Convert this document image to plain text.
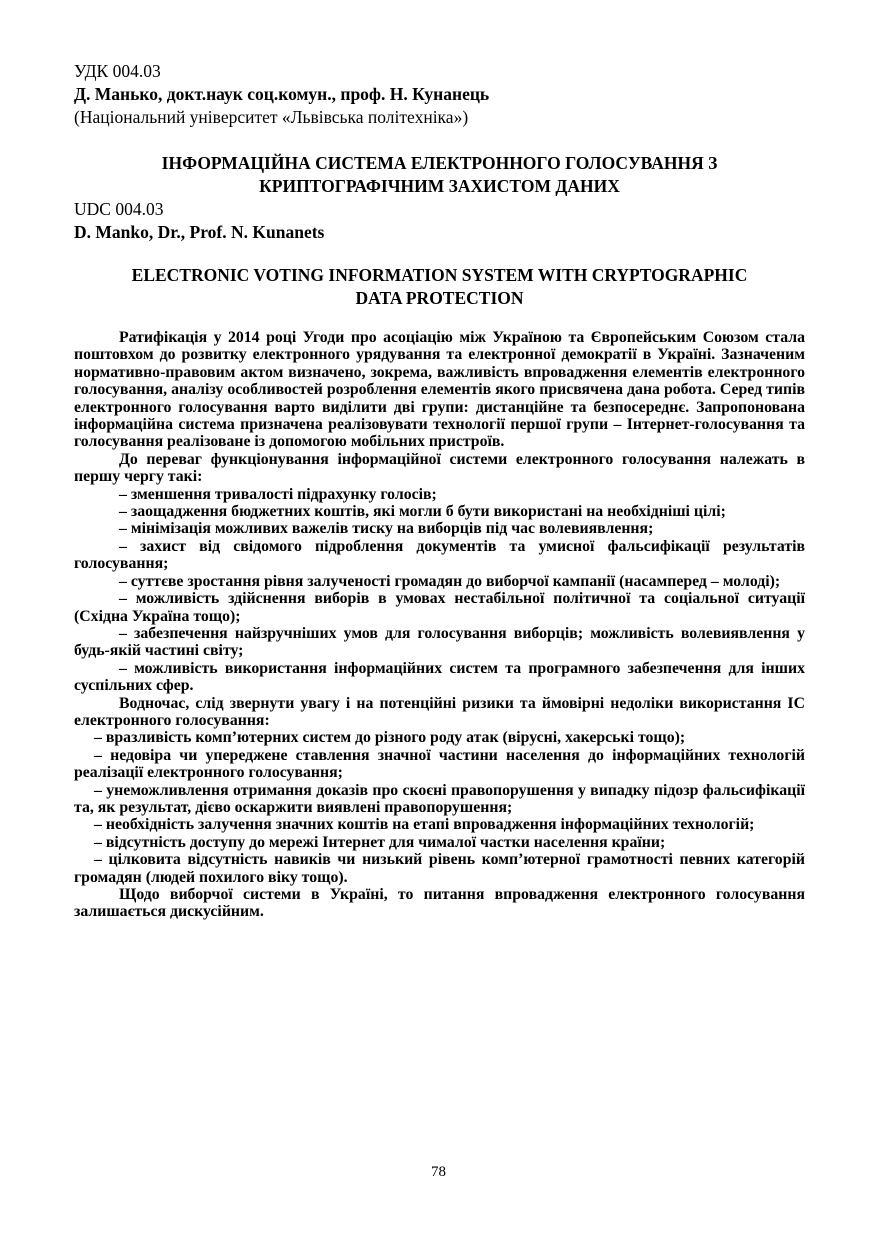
УДК 004.03

Д. Манько, докт.наук соц.комун., проф. Н. Кунанець

(Національний університет «Львівська політехніка»)

ІНФОРМАЦІЙНА СИСТЕМА ЕЛЕКТРОННОГО ГОЛОСУВАННЯ З
КРИПТОГРАФІЧНИМ ЗАХИСТОМ ДАНИХ

UDC 004.03

D. Manko, Dr., Prof. N. Kunanets

ELECTRONIC VOTING INFORMATION SYSTEM WITH CRYPTOGRAPHIC
DATA PROTECTION

Ратифікація у 2014 році Угоди про асоціацію між Україною та Європейським Союзом стала поштовхом до розвитку електронного урядування та електронної демократії в Україні. Зазначеним нормативно-правовим актом визначено, зокрема, важливість впровадження елементів електронного голосування, аналізу особливостей розроблення елементів якого присвячена дана робота. Серед типів електронного голосування варто виділити дві групи: дистанційне та безпосереднє. Запропонована інформаційна система призначена реалізовувати технології першої групи – Інтернет-голосування та голосування реалізоване із допомогою мобільних пристроїв.

До переваг функціонування інформаційної системи електронного голосування належать в першу чергу такі:

– зменшення тривалості підрахунку голосів;

– заощадження бюджетних коштів, які могли б бути використані на необхідніші цілі;

– мінімізація можливих важелів тиску на виборців під час волевиявлення;

– захист від свідомого підроблення документів та умисної фальсифікації результатів голосування;

– суттєве зростання рівня залученості громадян до виборчої кампанії (насамперед – молоді);

– можливість здійснення виборів в умовах нестабільної політичної та соціальної ситуації (Східна Україна тощо);

– забезпечення найзручніших умов для голосування виборців; можливість волевиявлення у будь-якій частині світу;

– можливість використання інформаційних систем та програмного забезпечення для інших суспільних сфер.

Водночас, слід звернути увагу і на потенційні ризики та ймовірні недоліки використання ІС електронного голосування:

– вразливість комп’ютерних систем до різного роду атак (вірусні, хакерські тощо);

– недовіра чи упереджене ставлення значної частини населення до інформаційних технологій реалізації електронного голосування;

– унеможливлення отримання доказів про скоєні правопорушення у випадку підозр фальсифікації та, як результат, дієво оскаржити виявлені правопорушення;

– необхідність залучення значних коштів на етапі впровадження інформаційних технологій;

– відсутність доступу до мережі Інтернет для чималої частки населення країни;

– цілковита відсутність навиків чи низький рівень комп’ютерної грамотності певних категорій громадян (людей похилого віку тощо).

Щодо виборчої системи в Україні, то питання впровадження електронного голосування залишається дискусійним.

78
